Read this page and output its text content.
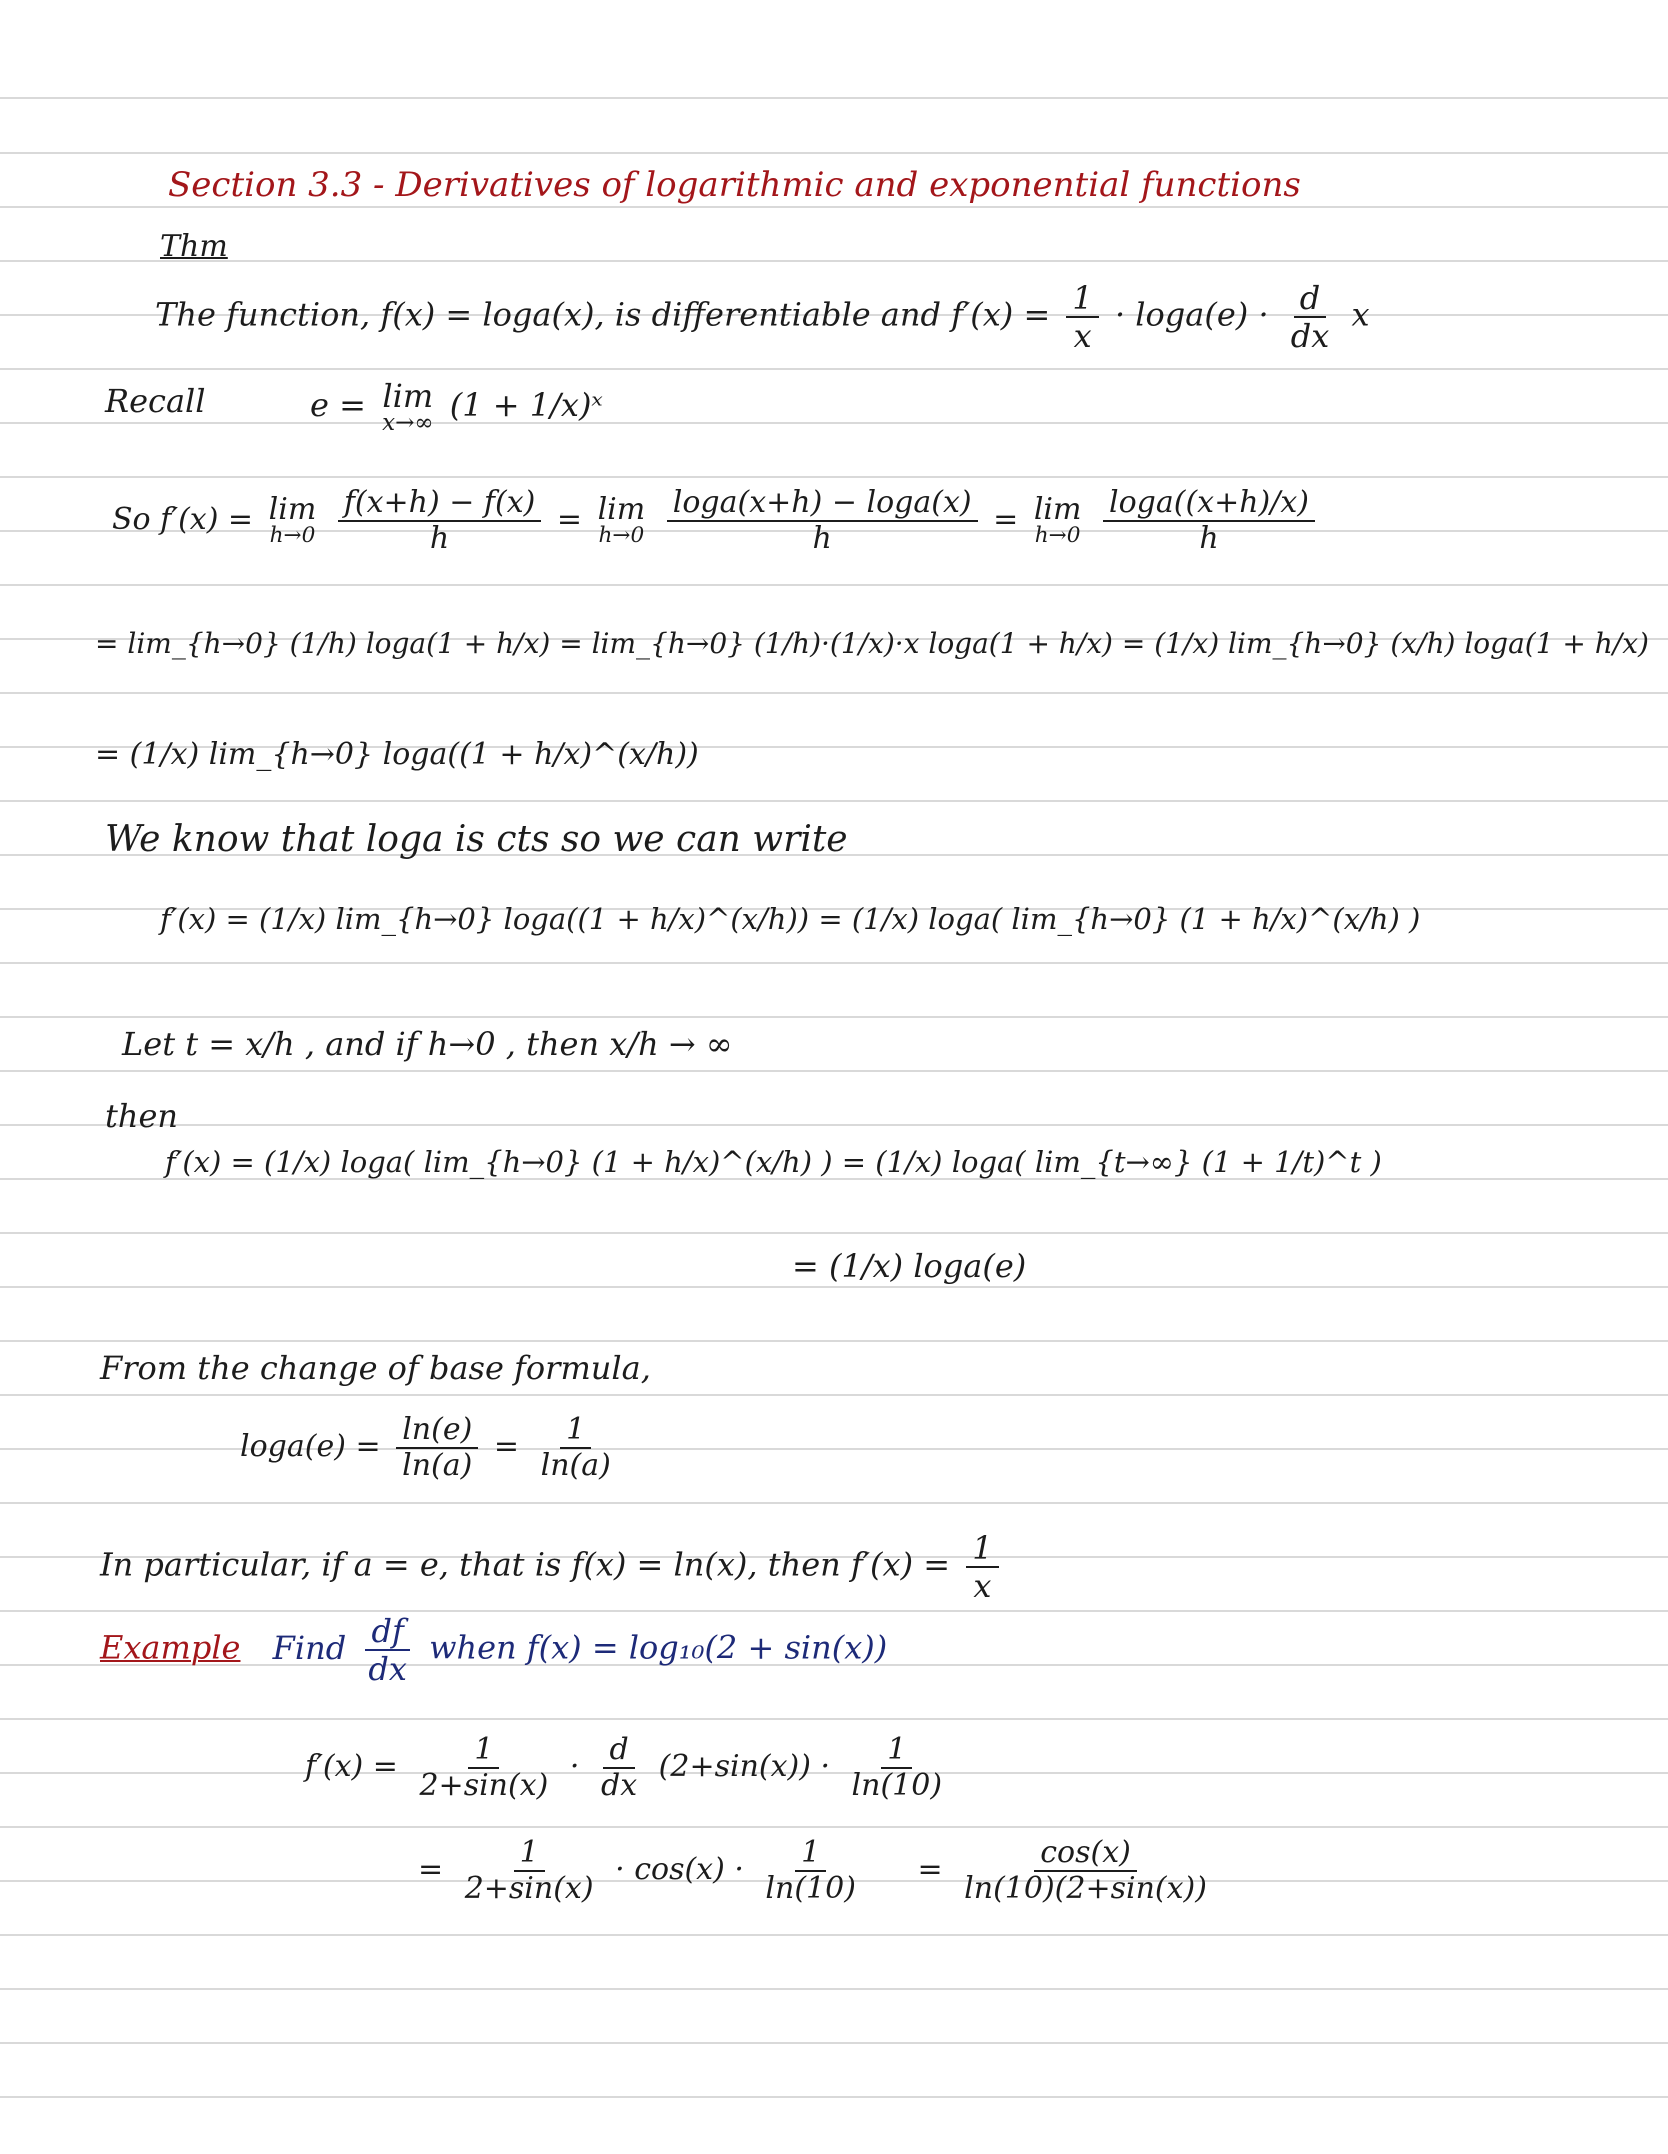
Section 3.3 - Derivatives of logarithmic and exponential functions
Thm
The function, f(x) = loga(x), is differentiable and $f'(x) = \frac{1}{x} \cdot \log a(e) \cdot \frac{d}{dx}$ x
Recall	e = lim
x→∞ (1 + 1/x)ˣ
So f′(x) = lim
h→0
$\frac{f(x+h) - f(x)}{h} = \lim$
h→0
$\frac{\log a(x+h) - \log a(x)}{h} = \lim$
h→0
$\frac{\log a((x+h)/x)}{h}$
= lim_{h→0} (1/h) loga(1 + h/x) = lim_{h→0} (1/h)·(1/x)·x loga(1 + h/x) = (1/x) lim_{h→0} (x/h) loga(1 + h/x)
= (1/x) lim_{h→0} loga((1 + h/x)^(x/h))
We know that loga is cts so we can write
f′(x) = (1/x) lim_{h→0} loga((1 + h/x)^(x/h)) = (1/x) loga( lim_{h→0} (1 + h/x)^(x/h) )
Let t = x/h , and if h→0 , then x/h → ∞
then
f′(x) = (1/x) loga( lim_{h→0} (1 + h/x)^(x/h) ) = (1/x) loga( lim_{t→∞} (1 + 1/t)^t )
= (1/x) loga(e)
From the change of base formula,
$\log a(e) = \frac{\ln(e)}{\ln(a)} = \frac{1}{\ln(a)}$
In particular, if a = e, that is f(x) = ln(x), then $f'(x) = \frac{1}{x}$
Example Find $\frac{df}{dx}$ when f(x) = log₁₀(2 + sin(x))
$f'(x) = \frac{1}{2+\sin(x)} \cdot \frac{d}{dx} (2+\sin(x)) \cdot \frac{1}{\ln(10)}$
= $\frac{1}{2+\sin(x)} \cdot \cos(x) \cdot \frac{1}{\ln(10)} = \frac{\cos(x)}{\ln(10)(2+\sin(x))}$
